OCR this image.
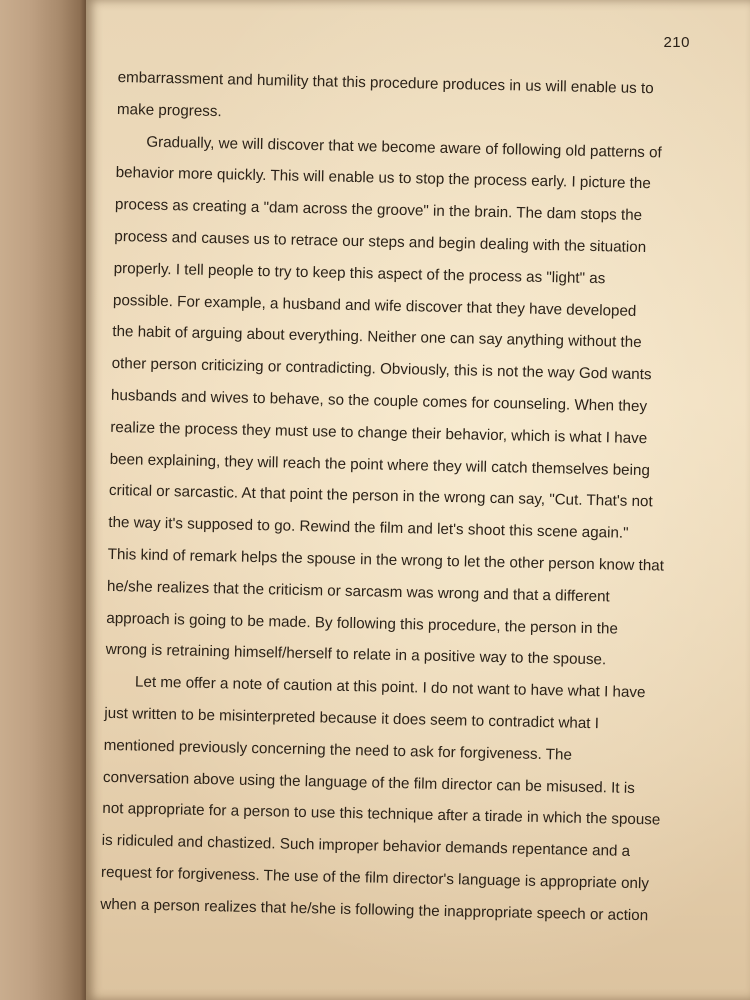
210
embarrassment and humility that this procedure produces in us will enable us to
make progress.
Gradually, we will discover that we become aware of following old patterns of
behavior more quickly. This will enable us to stop the process early. I picture the
process as creating a "dam across the groove" in the brain. The dam stops the
process and causes us to retrace our steps and begin dealing with the situation
properly. I tell people to try to keep this aspect of the process as "light" as
possible. For example, a husband and wife discover that they have developed
the habit of arguing about everything. Neither one can say anything without the
other person criticizing or contradicting. Obviously, this is not the way God wants
husbands and wives to behave, so the couple comes for counseling. When they
realize the process they must use to change their behavior, which is what I have
been explaining, they will reach the point where they will catch themselves being
critical or sarcastic. At that point the person in the wrong can say, "Cut. That's not
the way it's supposed to go. Rewind the film and let's shoot this scene again."
This kind of remark helps the spouse in the wrong to let the other person know that
he/she realizes that the criticism or sarcasm was wrong and that a different
approach is going to be made. By following this procedure, the person in the
wrong is retraining himself/herself to relate in a positive way to the spouse.
Let me offer a note of caution at this point. I do not want to have what I have
just written to be misinterpreted because it does seem to contradict what I
mentioned previously concerning the need to ask for forgiveness. The
conversation above using the language of the film director can be misused. It is
not appropriate for a person to use this technique after a tirade in which the spouse
is ridiculed and chastized. Such improper behavior demands repentance and a
request for forgiveness. The use of the film director's language is appropriate only
when a person realizes that he/she is following the inappropriate speech or action
